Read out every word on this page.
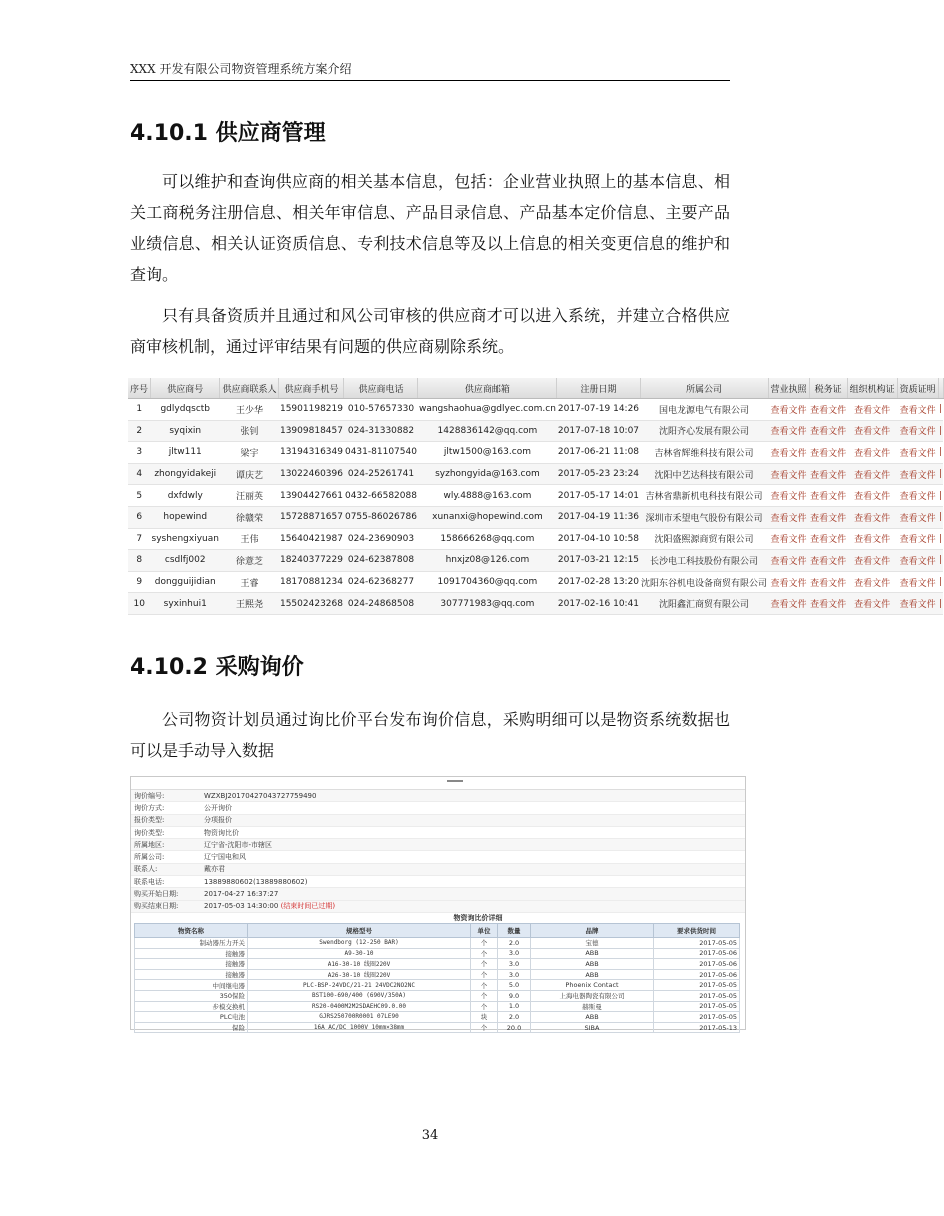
XXX 开发有限公司物资管理系统方案介绍
4.10.1 供应商管理

可以维护和查询供应商的相关基本信息，包括：企业营业执照上的基本信息、相关工商税务注册信息、相关年审信息、产品目录信息、产品基本定价信息、主要产品业绩信息、相关认证资质信息、专利技术信息等及以上信息的相关变更信息的维护和查询。

只有具备资质并且通过和风公司审核的供应商才可以进入系统，并建立合格供应商审核机制，通过评审结果有问题的供应商剔除系统。

序号	供应商号	供应商联系人	供应商手机号	供应商电话	供应商邮箱	注册日期	所属公司	营业执照	税务证	组织机构证	资质证明	
1	gdlydqsctb	王少华	15901198219	010-57657330	wangshaohua@gdlyec.com.cn	2017-07-19 14:26	国电龙源电气有限公司	查看文件	查看文件	查看文件	查看文件	|
2	syqixin	张钊	13909818457	024-31330882	1428836142@qq.com	2017-07-18 10:07	沈阳齐心发展有限公司	查看文件	查看文件	查看文件	查看文件	|
3	jltw111	梁宇	13194316349	0431-81107540	jltw1500@163.com	2017-06-21 11:08	吉林省辉维科技有限公司	查看文件	查看文件	查看文件	查看文件	|
4	zhongyidakeji	谭庆艺	13022460396	024-25261741	syzhongyida@163.com	2017-05-23 23:24	沈阳中艺达科技有限公司	查看文件	查看文件	查看文件	查看文件	|
5	dxfdwly	汪丽英	13904427661	0432-66582088	wly.4888@163.com	2017-05-17 14:01	吉林省鼎新机电科技有限公司	查看文件	查看文件	查看文件	查看文件	|
6	hopewind	徐赣荣	15728871657	0755-86026786	xunanxi@hopewind.com	2017-04-19 11:36	深圳市禾望电气股份有限公司	查看文件	查看文件	查看文件	查看文件	|
7	syshengxiyuan	王伟	15640421987	024-23690903	158666268@qq.com	2017-04-10 10:58	沈阳盛熙源商贸有限公司	查看文件	查看文件	查看文件	查看文件	|
8	csdlfj002	徐薏芝	18240377229	024-62387808	hnxjz08@126.com	2017-03-21 12:15	长沙电工科技股份有限公司	查看文件	查看文件	查看文件	查看文件	|
9	dongguijidian	王睿	18170881234	024-62368277	1091704360@qq.com	2017-02-28 13:20	沈阳东谷机电设备商贸有限公司	查看文件	查看文件	查看文件	查看文件	|
10	syxinhui1	王熙尧	15502423268	024-24868508	307771983@qq.com	2017-02-16 10:41	沈阳鑫汇商贸有限公司	查看文件	查看文件	查看文件	查看文件	|
4.10.2 采购询价

公司物资计划员通过询比价平台发布询价信息，采购明细可以是物资系统数据也可以是手动导入数据

询价编号:	WZXBJ20170427043727759490
询价方式:	公开询价
报价类型:	分项报价
询价类型:	物资询比价
所属地区:	辽宁省-沈阳市-市辖区
所属公司:	辽宁国电和风
联系人:	戴亦君
联系电话:	13889880602(13889880602)
购买开始日期:	2017-04-27 16:37:27
购买结束日期:	2017-05-03 14:30:00 (结束时间已过期)
物资询比价详细
物资名称	规格型号	单位	数量	品牌	要求供货时间
制动器压力开关	Swendborg (12-250 BAR)	个	2.0	宝德	2017-05-05
接触器	A9-30-10	个	3.0	ABB	2017-05-06
接触器	A16-30-10 线圈220V	个	3.0	ABB	2017-05-06
接触器	A26-30-10 线圈220V	个	3.0	ABB	2017-05-06
中间继电器	PLC-BSP-24VDC/21-21 24VDC2NO2NC	个	5.0	Phoenix Contact	2017-05-05
350保险	BST100-690/400 (690V/350A)	个	9.0	上海电器陶瓷有限公司	2017-05-05
步模交换机	RS20-0400M2M2SDAEHC09.0.00	个	1.0	赫斯曼	2017-05-05
PLC电池	GJRS250700R0001 07LE90	块	2.0	ABB	2017-05-05
保险	16A AC/DC 1000V 10mm×38mm	个	20.0	SIBA	2017-05-13
34
